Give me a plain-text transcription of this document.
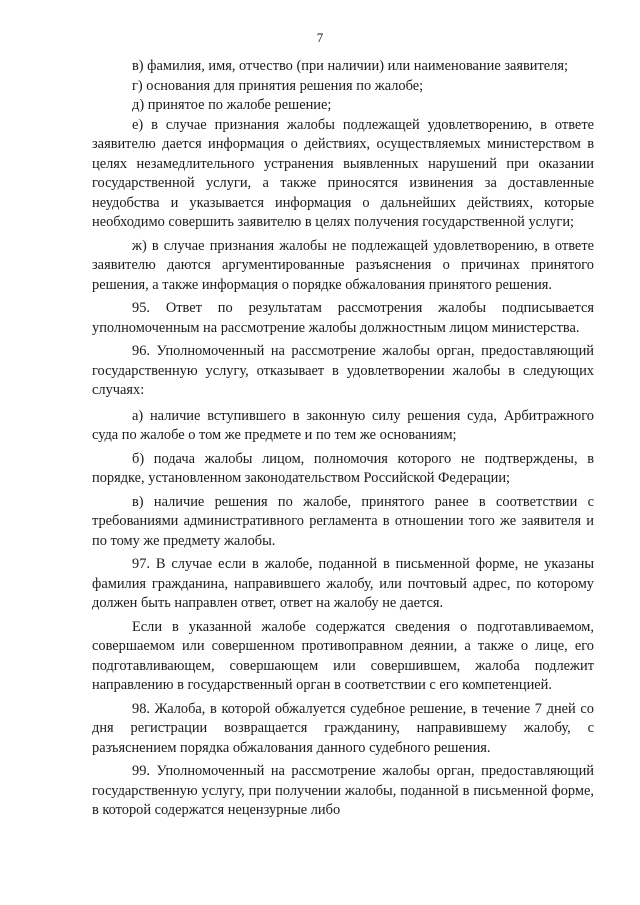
7

в) фамилия, имя, отчество (при наличии) или наименование заявителя;

г) основания для принятия решения по жалобе;

д) принятое по жалобе решение;

е) в случае признания жалобы подлежащей удовлетворению, в ответе заявителю дается информация о действиях, осуществляемых министерством в целях незамедлительного устранения выявленных нарушений при оказании государственной услуги, а также приносятся извинения за доставленные неудобства и указывается информация о дальнейших действиях, которые необходимо совершить заявителю в целях получения государственной услуги;

ж) в случае признания жалобы не подлежащей удовлетворению, в ответе заявителю даются аргументированные разъяснения о причинах принятого решения, а также информация о порядке обжалования принятого решения.

95. Ответ по результатам рассмотрения жалобы подписывается уполномоченным на рассмотрение жалобы должностным лицом министерства.

96. Уполномоченный на рассмотрение жалобы орган, предоставляющий государственную услугу, отказывает в удовлетворении жалобы в следующих случаях:

а) наличие вступившего в законную силу решения суда, Арбитражного суда по жалобе о том же предмете и по тем же основаниям;

б) подача жалобы лицом, полномочия которого не подтверждены, в порядке, установленном законодательством Российской Федерации;

в) наличие решения по жалобе, принятого ранее в соответствии с требованиями административного регламента в отношении того же заявителя и по тому же предмету жалобы.

97. В случае если в жалобе, поданной в письменной форме, не указаны фамилия гражданина, направившего жалобу, или почтовый адрес, по которому должен быть направлен ответ, ответ на жалобу не дается.

Если в указанной жалобе содержатся сведения о подготавливаемом, совершаемом или совершенном противоправном деянии, а также о лице, его подготавливающем, совершающем или совершившем, жалоба подлежит направлению в государственный орган в соответствии с его компетенцией.

98. Жалоба, в которой обжалуется судебное решение, в течение 7 дней со дня регистрации возвращается гражданину, направившему жалобу, с разъяснением порядка обжалования данного судебного решения.

99. Уполномоченный на рассмотрение жалобы орган, предоставляющий государственную услугу, при получении жалобы, поданной в письменной форме, в которой содержатся нецензурные либо
